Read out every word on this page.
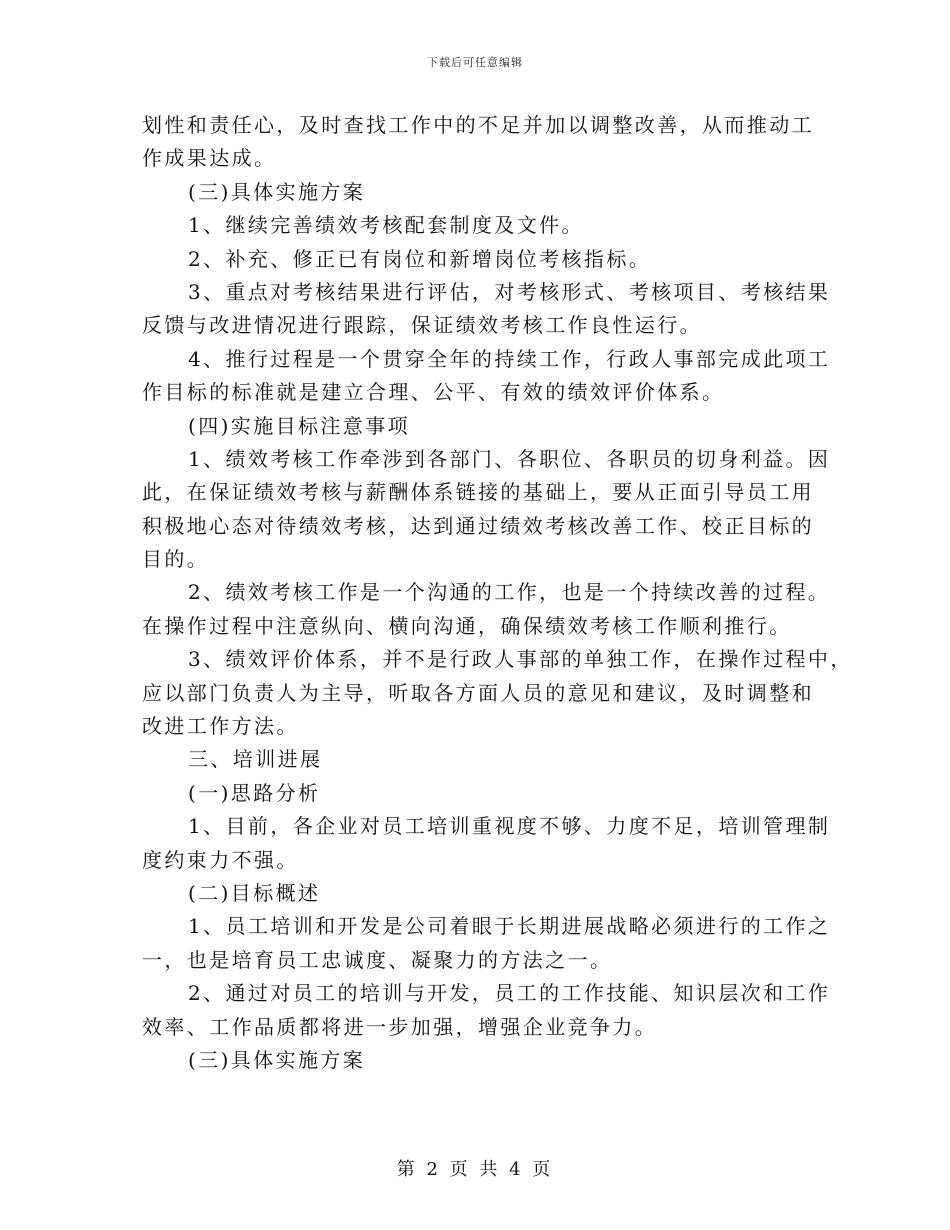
下载后可任意编辑
划性和责任心，及时查找工作中的不足并加以调整改善，从而推动工
作成果达成。
(三)具体实施方案
1、继续完善绩效考核配套制度及文件。
2、补充、修正已有岗位和新增岗位考核指标。
3、重点对考核结果进行评估，对考核形式、考核项目、考核结果
反馈与改进情况进行跟踪，保证绩效考核工作良性运行。
4、推行过程是一个贯穿全年的持续工作，行政人事部完成此项工
作目标的标准就是建立合理、公平、有效的绩效评价体系。
(四)实施目标注意事项
1、绩效考核工作牵涉到各部门、各职位、各职员的切身利益。因
此，在保证绩效考核与薪酬体系链接的基础上，要从正面引导员工用
积极地心态对待绩效考核，达到通过绩效考核改善工作、校正目标的
目的。
2、绩效考核工作是一个沟通的工作，也是一个持续改善的过程。
在操作过程中注意纵向、横向沟通，确保绩效考核工作顺利推行。
3、绩效评价体系，并不是行政人事部的单独工作，在操作过程中，
应以部门负责人为主导，听取各方面人员的意见和建议，及时调整和
改进工作方法。
三、培训进展
(一)思路分析
1、目前，各企业对员工培训重视度不够、力度不足，培训管理制
度约束力不强。
(二)目标概述
1、员工培训和开发是公司着眼于长期进展战略必须进行的工作之
一，也是培育员工忠诚度、凝聚力的方法之一。
2、通过对员工的培训与开发，员工的工作技能、知识层次和工作
效率、工作品质都将进一步加强，增强企业竞争力。
(三)具体实施方案
第 2 页 共 4 页
